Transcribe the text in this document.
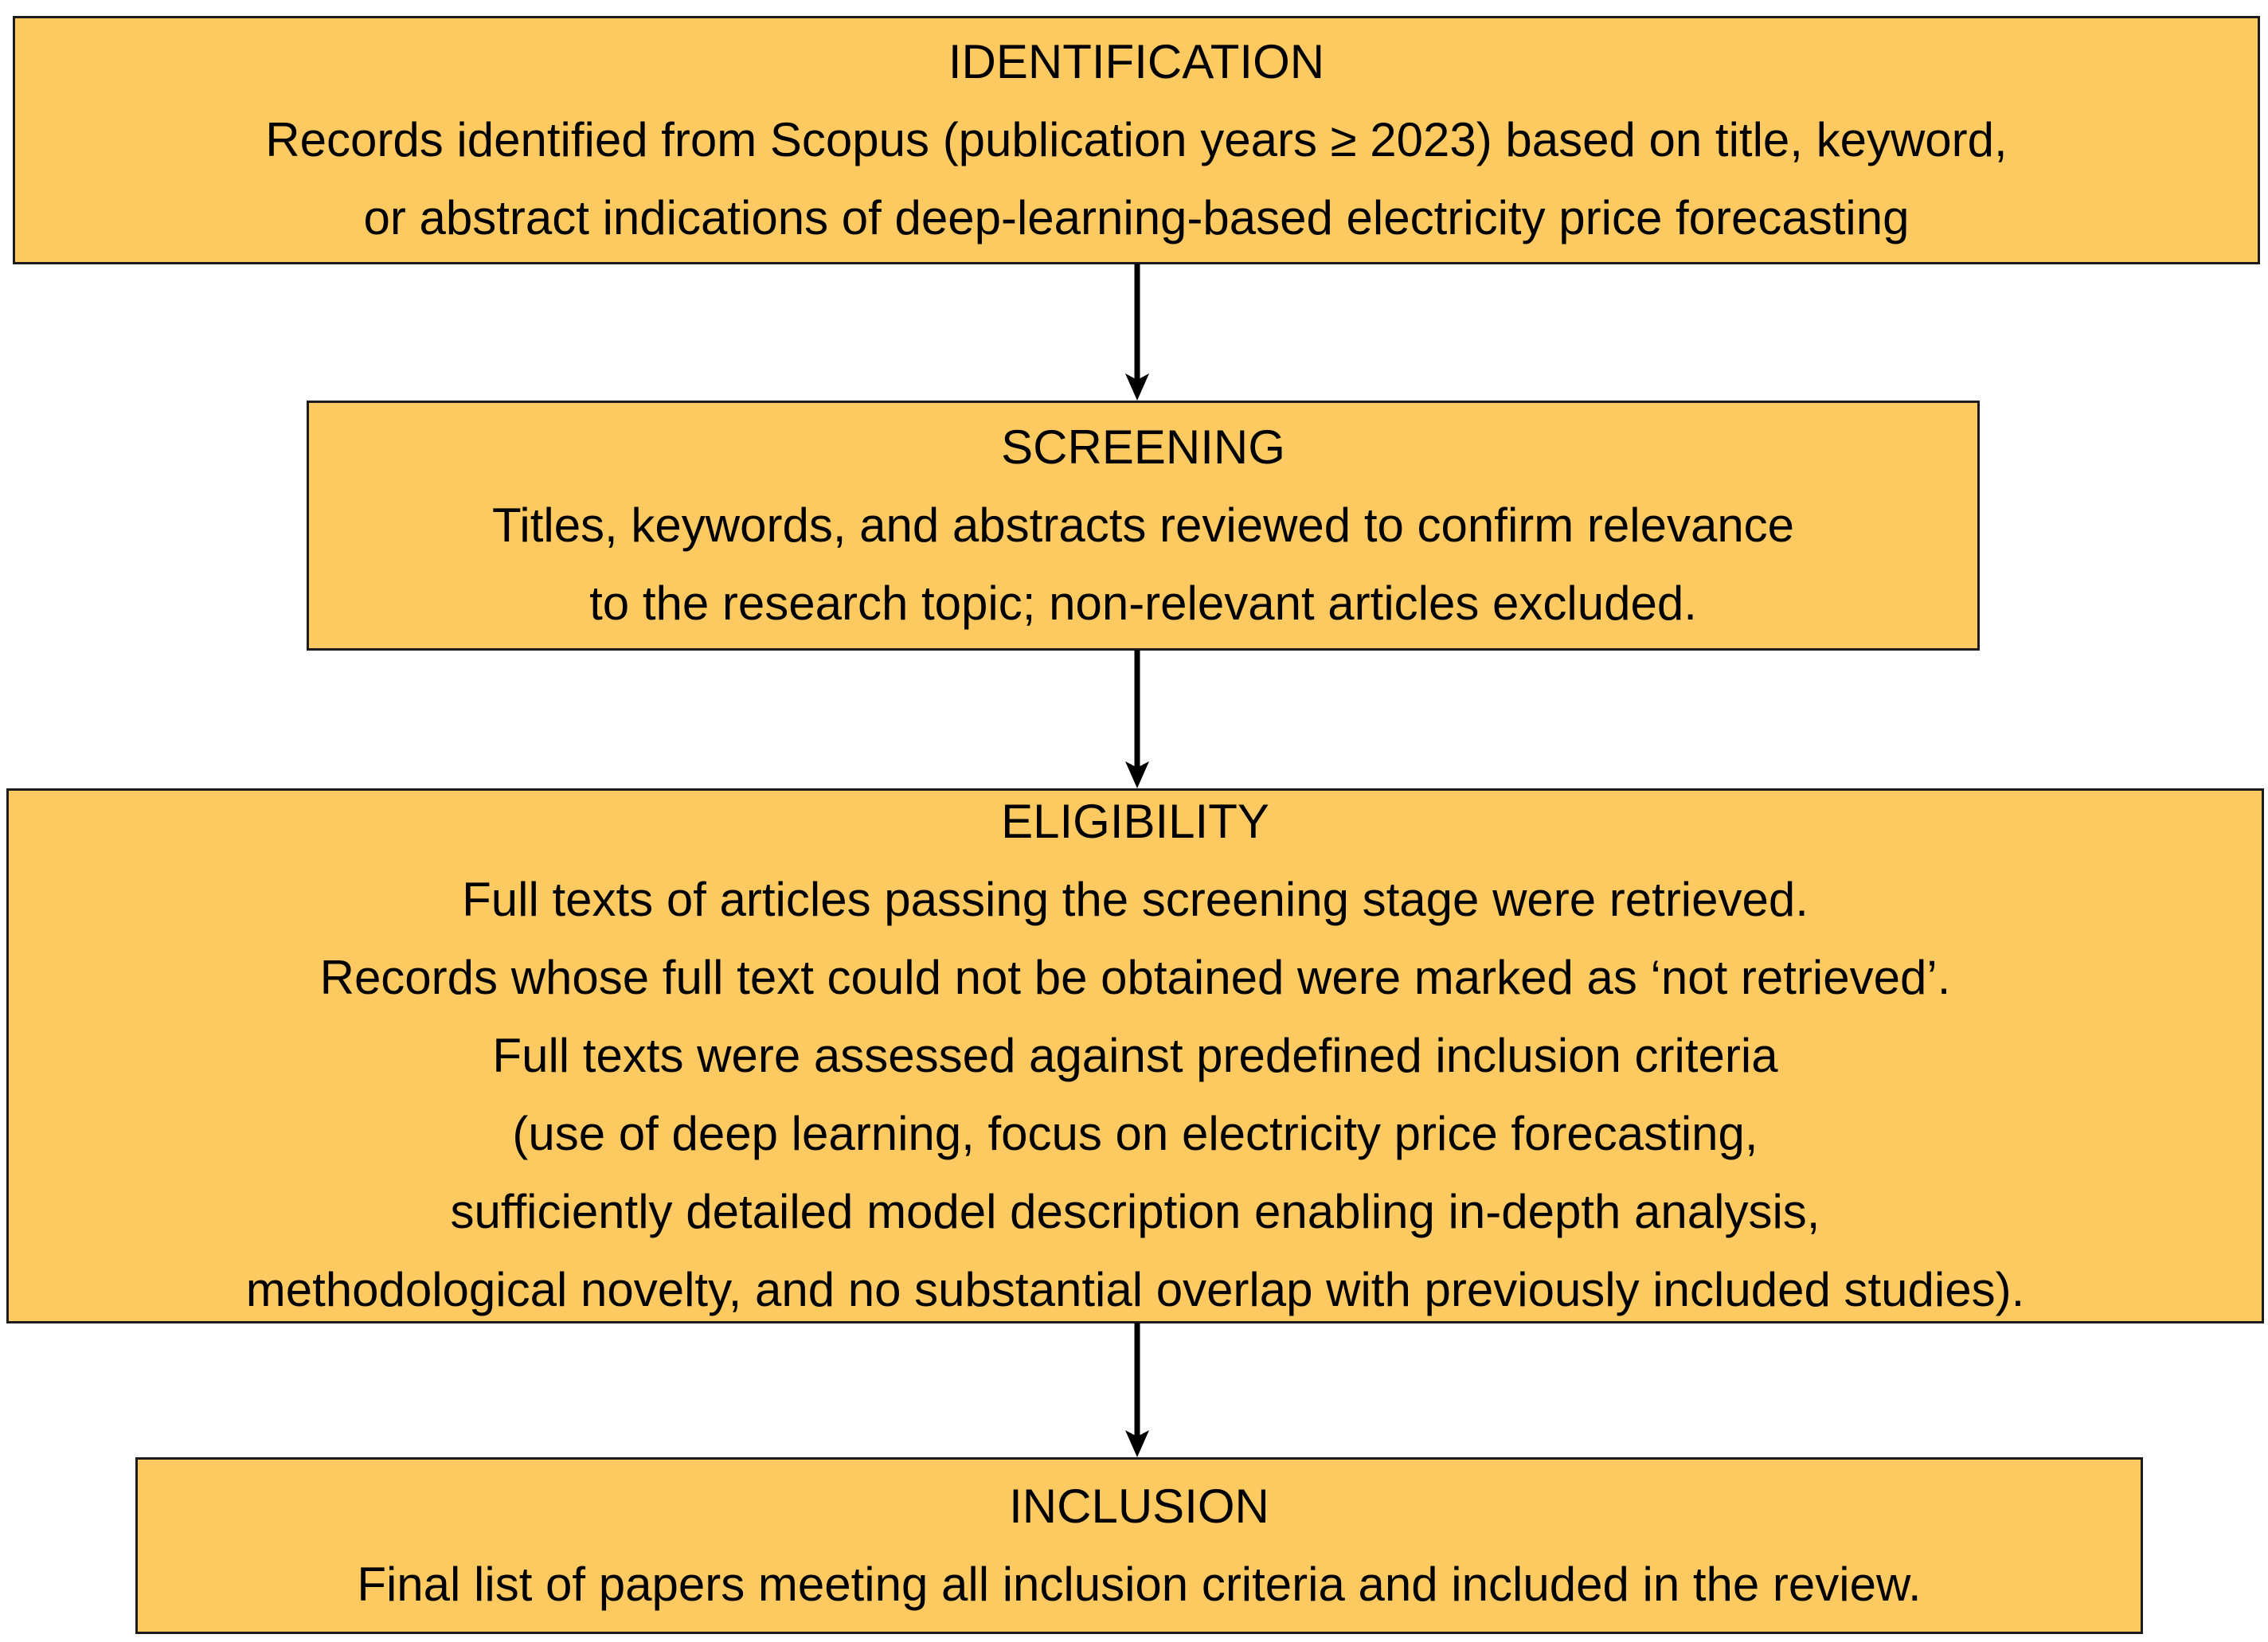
IDENTIFICATION
Records identified from Scopus (publication years ≥ 2023) based on title, keyword,
or abstract indications of deep-learning-based electricity price forecasting
SCREENING
Titles, keywords, and abstracts reviewed to confirm relevance
to the research topic; non-relevant articles excluded.
ELIGIBILITY
Full texts of articles passing the screening stage were retrieved.
Records whose full text could not be obtained were marked as ‘not retrieved’.
Full texts were assessed against predefined inclusion criteria
(use of deep learning, focus on electricity price forecasting,
sufficiently detailed model description enabling in-depth analysis,
methodological novelty, and no substantial overlap with previously included studies).
INCLUSION
Final list of papers meeting all inclusion criteria and included in the review.
